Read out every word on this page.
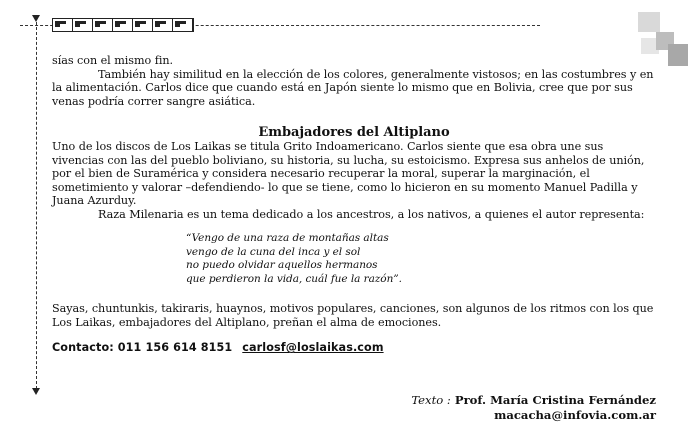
sías con el mismo fin.

También hay similitud en la elección de los colores, generalmente vistosos; en las costumbres y en la alimentación. Carlos dice que cuando está en Japón siente lo mismo que en Bolivia, cree que por sus venas podría correr sangre asiática.

Embajadores del Altiplano

Uno de los discos de Los Laikas se titula Grito Indoamericano. Carlos siente que esa obra une sus vivencias con las del pueblo boliviano, su historia, su lucha, su estoicismo. Expresa sus anhelos de unión, por el bien de Suramérica y considera necesario recuperar la moral, superar la marginación, el sometimiento y valorar –defendiendo- lo que se tiene, como lo hicieron en su momento Manuel Padilla y Juana Azurduy.

Raza Milenaria es un tema dedicado a los ancestros, a los nativos, a quienes el autor representa:

“Vengo de una raza de montañas altas
vengo de la cuna del inca y el sol
no puedo olvidar aquellos hermanos
que perdieron la vida, cuál fue la razón”.

Sayas, chuntunkis, takiraris, huaynos, motivos populares, canciones, son algunos de los ritmos con los que Los Laikas, embajadores del Altiplano, preñan el alma de emociones.

Contacto: 011 156 614 8151 carlosf@loslaikas.com

Texto : Prof. María Cristina Fernández
macacha@infovia.com.ar
